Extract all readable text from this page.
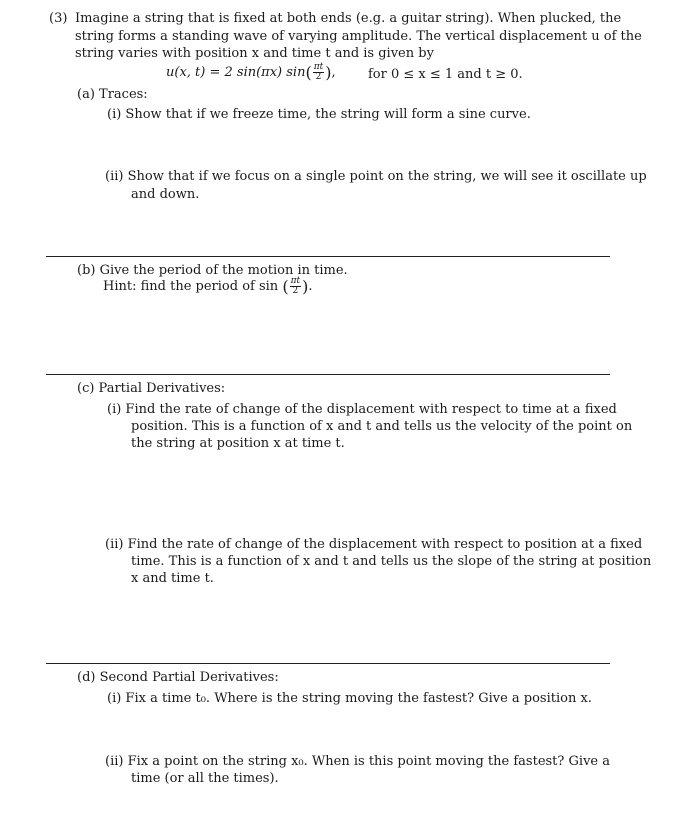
(3) Imagine a string that is fixed at both ends (e.g. a guitar string). When plucked, the
string forms a standing wave of varying amplitude. The vertical displacement u of the
string varies with position x and time t and is given by
u(x, t) = 2 sin(πx) $\sin( \frac{\pi t}{2}$ ), for 0 ≤ x ≤ 1 and t ≥ 0.
(a) Traces:
(i) Show that if we freeze time, the string will form a sine curve.
(ii) Show that if we focus on a single point on the string, we will see it oscillate up
and down.
(b) Give the period of the motion in time.
Hint: find the period of sin ( $\frac{\pi t}{2}$ ).
(c) Partial Derivatives:
(i) Find the rate of change of the displacement with respect to time at a fixed
position. This is a function of x and t and tells us the velocity of the point on
the string at position x at time t.
(ii) Find the rate of change of the displacement with respect to position at a fixed
time. This is a function of x and t and tells us the slope of the string at position
x and time t.
(d) Second Partial Derivatives:
(i) Fix a time t₀. Where is the string moving the fastest? Give a position x.
(ii) Fix a point on the string x₀. When is this point moving the fastest? Give a
time (or all the times).
